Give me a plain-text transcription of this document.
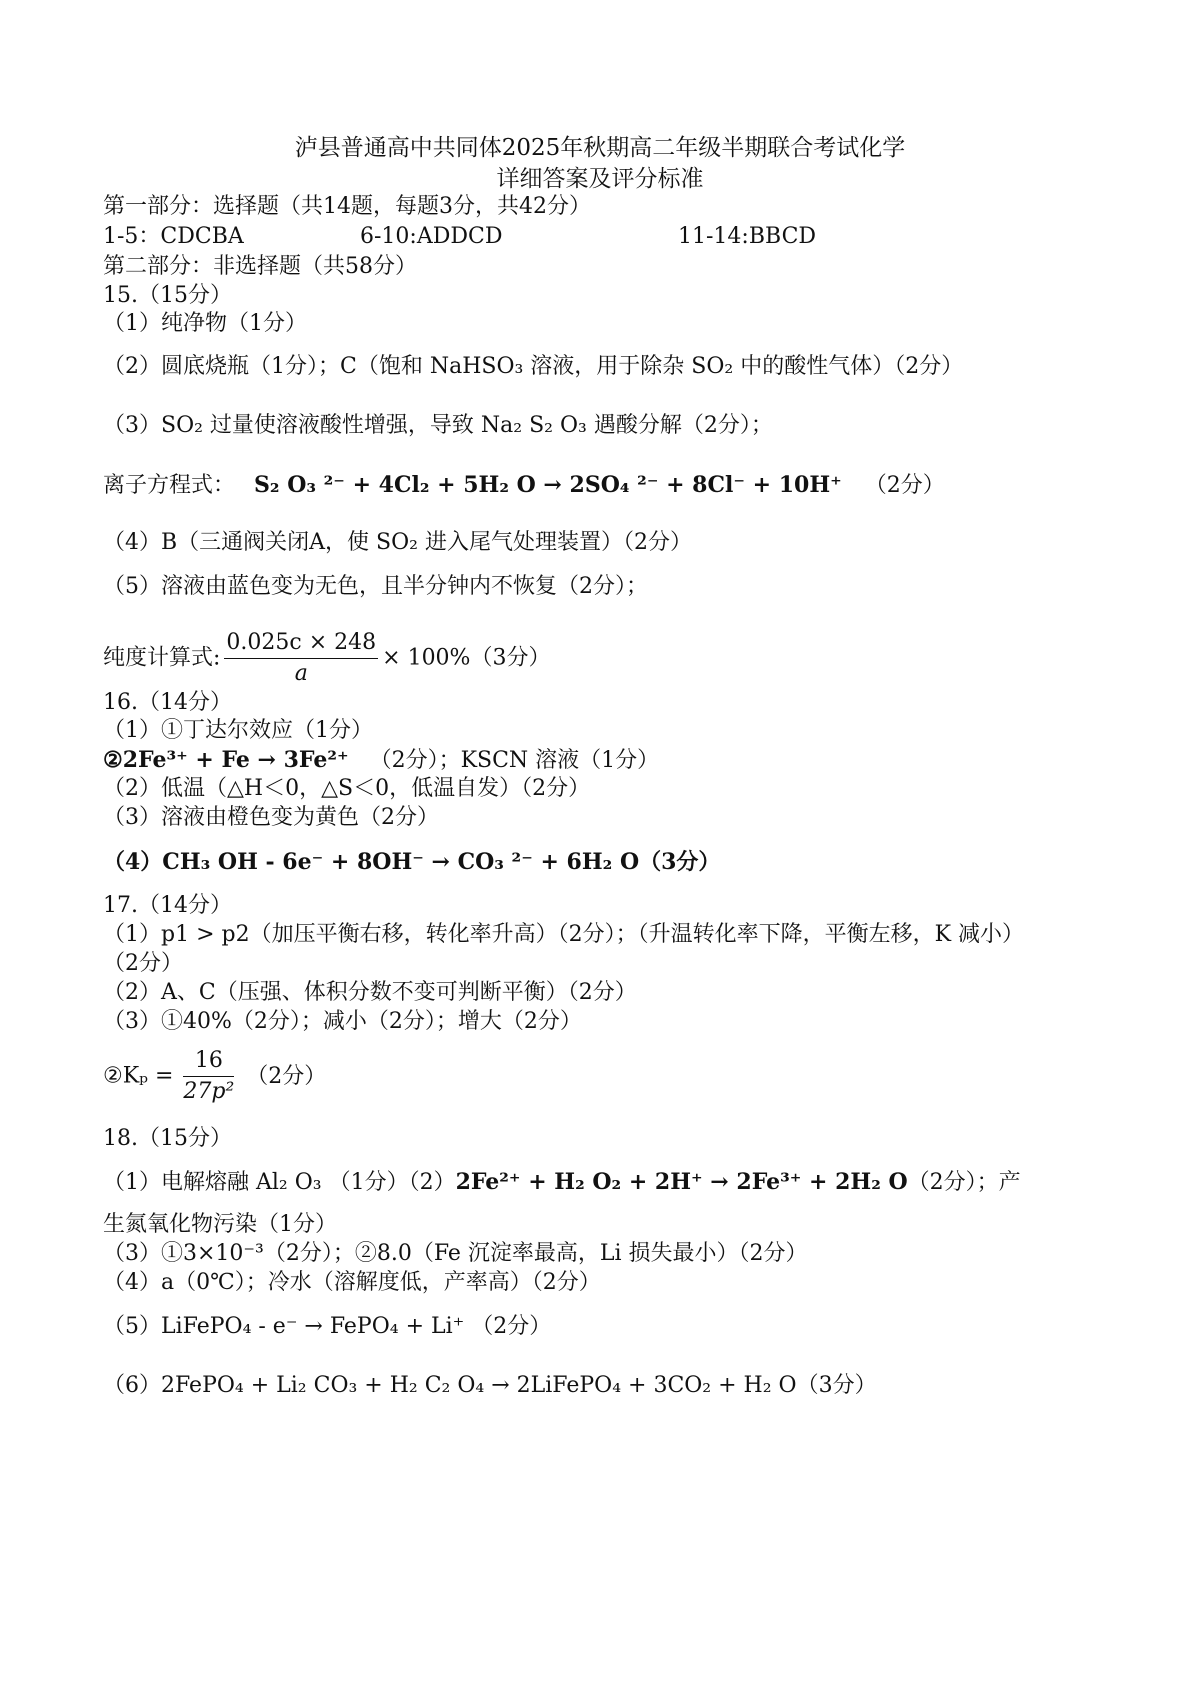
泸县普通高中共同体2025年秋期高二年级半期联合考试化学
详细答案及评分标准
第一部分：选择题（共14题，每题3分，共42分）
1-5：CDCBA	6-10:ADDCD	11-14:BBCD
第二部分：非选择题（共58分）
15.（15分）
（1）纯净物（1分）
（2）圆底烧瓶（1分）；C（饱和 NaHSO₃ 溶液，用于除杂 SO₂ 中的酸性气体）（2分）
（3）SO₂ 过量使溶液酸性增强，导致 Na₂ S₂ O₃ 遇酸分解（2分）；
离子方程式： S₂ O₃ ²⁻ + 4Cl₂ + 5H₂ O → 2SO₄ ²⁻ + 8Cl⁻ + 10H⁺ （2分）
（4）B（三通阀关闭A，使 SO₂ 进入尾气处理装置）（2分）
（5）溶液由蓝色变为无色，且半分钟内不恢复（2分）；
纯度计算式: $\frac{0.025c \times 248}{a} \times 100\%(3$分）
16.（14分）
（1）①丁达尔效应（1分）
②2Fe³⁺ + Fe → 3Fe²⁺ （2分）；KSCN 溶液（1分）
（2）低温（△H＜0，△S＜0，低温自发）（2分）
（3）溶液由橙色变为黄色（2分）
（4）CH₃ OH - 6e⁻ + 8OH⁻ → CO₃ ²⁻ + 6H₂ O（3分）
17.（14分）
（1）p1 > p2（加压平衡右移，转化率升高）（2分）；（升温转化率下降，平衡左移，K 减小）
（2分）
（2）A、C（压强、体积分数不变可判断平衡）（2分）
（3）①40%（2分）；减小（2分）；增大（2分）
②Kₚ = $\frac{16}{\text{27p²}} (2$分）
18.（15分）
（1）电解熔融 Al₂ O₃ （1分）（2）2Fe²⁺ + H₂ O₂ + 2H⁺ → 2Fe³⁺ + 2H₂ O（2分）；产
生氮氧化物污染（1分）
（3）①3×10⁻³（2分）；②8.0（Fe 沉淀率最高，Li 损失最小）（2分）
（4）a（0℃）；冷水（溶解度低，产率高）（2分）
（5）LiFePO₄ - e⁻ → FePO₄ + Li⁺ （2分）
（6）2FePO₄ + Li₂ CO₃ + H₂ C₂ O₄ → 2LiFePO₄ + 3CO₂ + H₂ O（3分）
